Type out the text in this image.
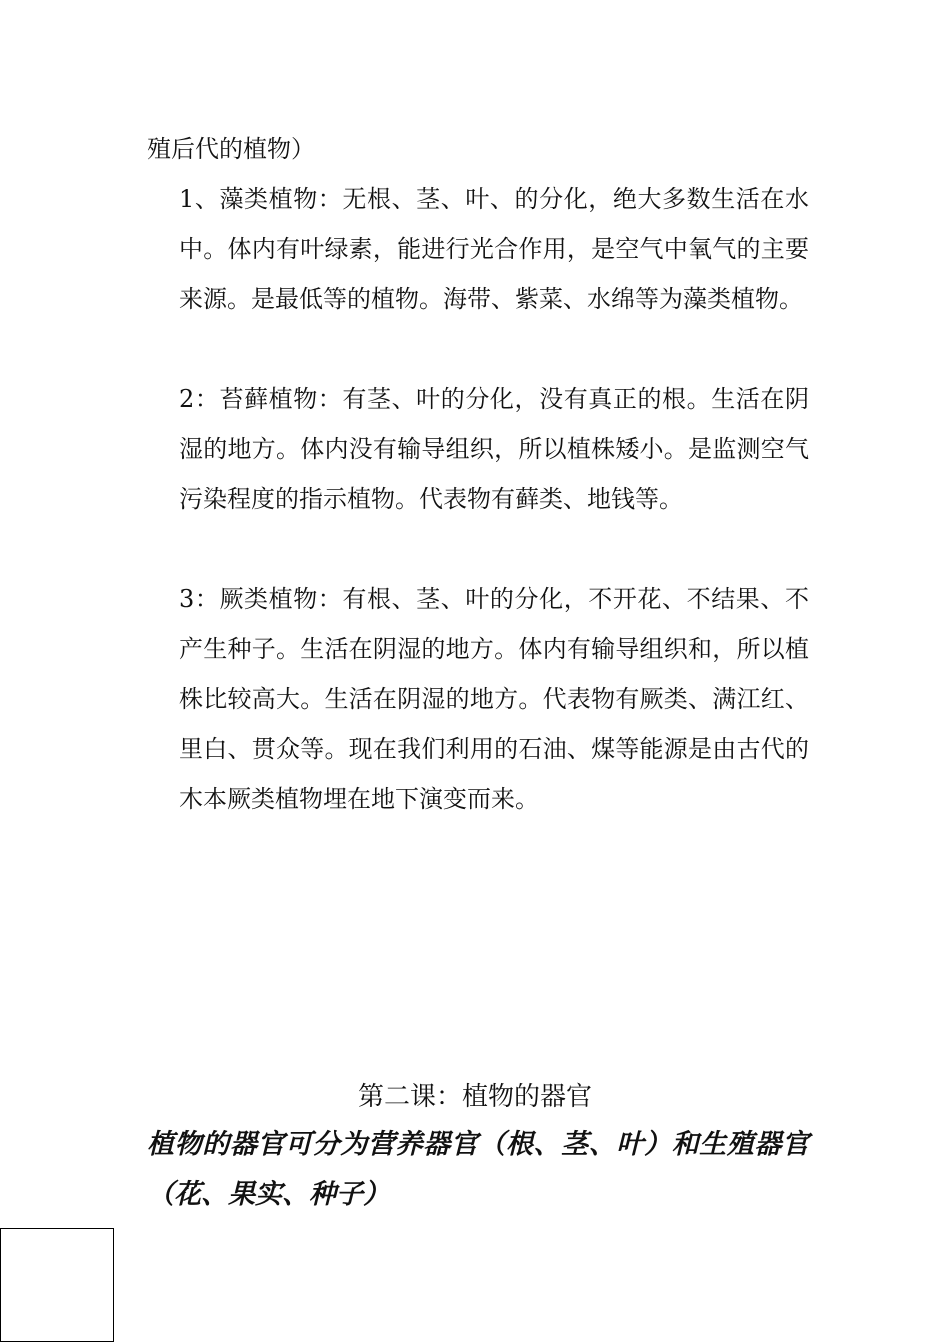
殖后代的植物）
1、藻类植物：无根、茎、叶、的分化，绝大多数生活在水中。体内有叶绿素，能进行光合作用，是空气中氧气的主要来源。是最低等的植物。海带、紫菜、水绵等为藻类植物。
2：苔藓植物：有茎、叶的分化，没有真正的根。生活在阴湿的地方。体内没有输导组织，所以植株矮小。是监测空气污染程度的指示植物。代表物有藓类、地钱等。
3：厥类植物：有根、茎、叶的分化，不开花、不结果、不产生种子。生活在阴湿的地方。体内有输导组织和，所以植株比较高大。生活在阴湿的地方。代表物有厥类、满江红、里白、贯众等。现在我们利用的石油、煤等能源是由古代的木本厥类植物埋在地下演变而来。
第二课：植物的器官
植物的器官可分为营养器官（根、茎、叶）和生殖器官（花、果实、种子）
